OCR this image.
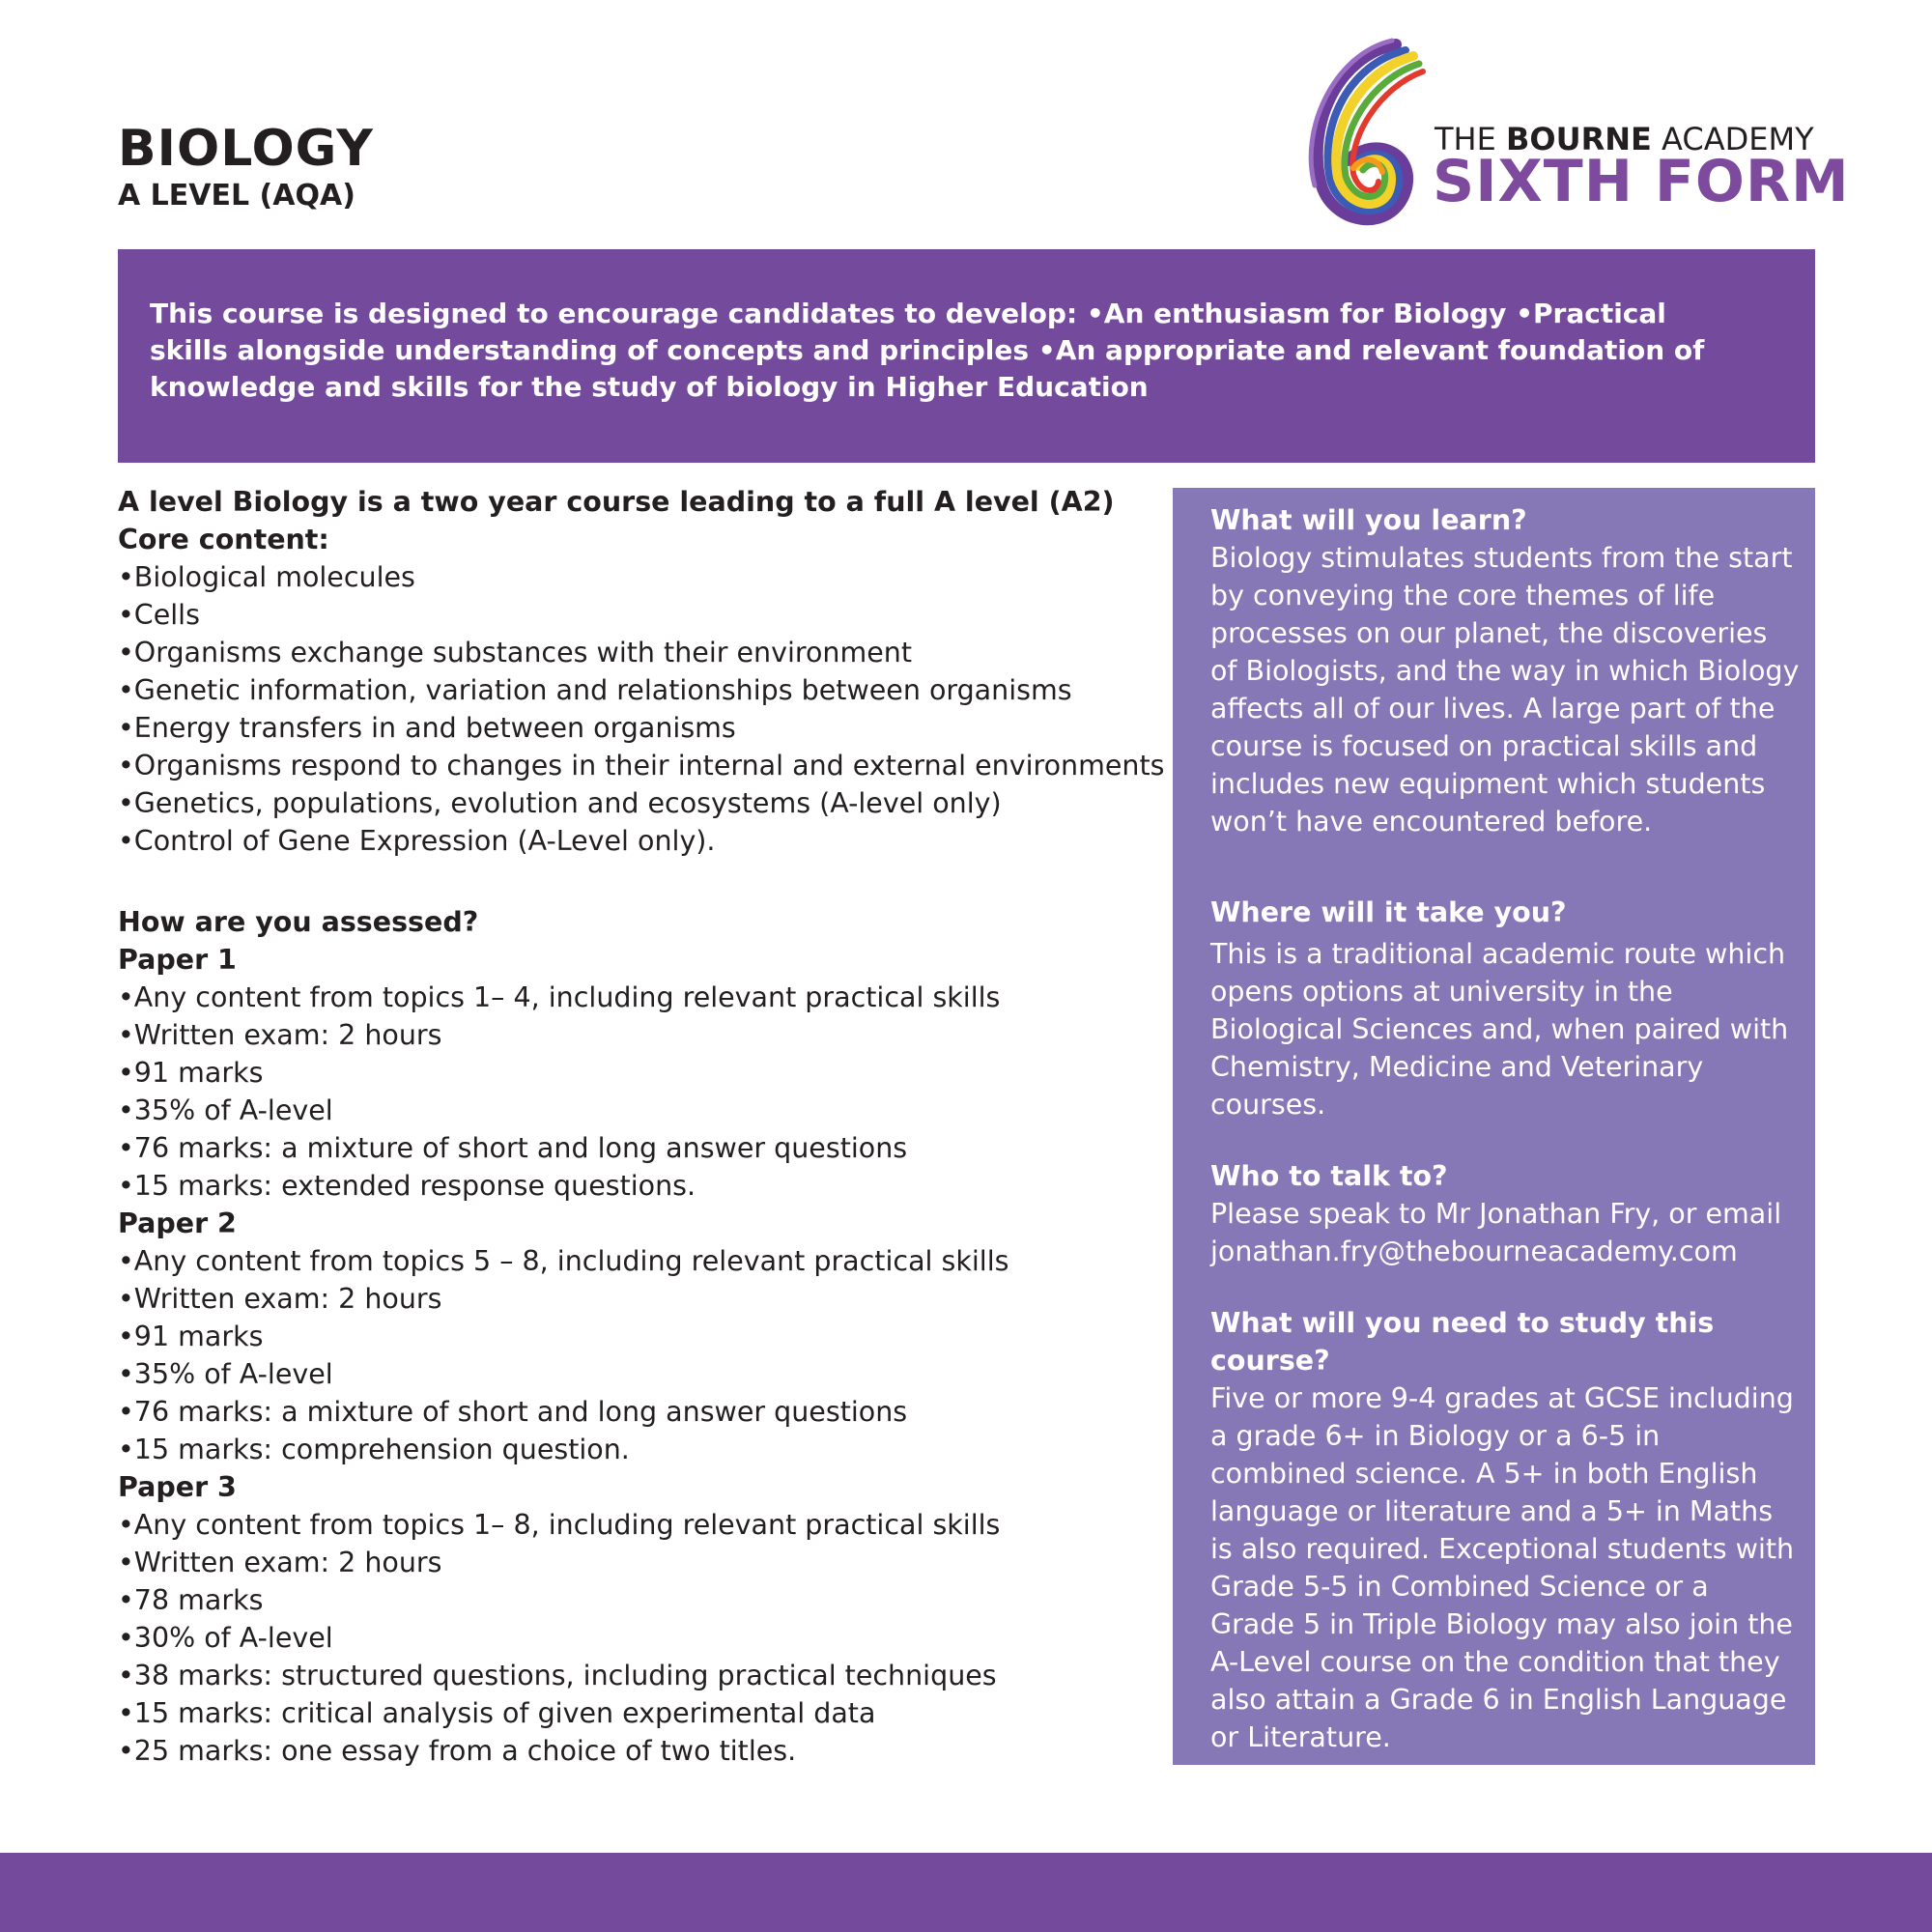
BIOLOGY
A LEVEL (AQA)
THE BOURNE ACADEMY
SIXTH FORM

This course is designed to encourage candidates to develop: •An enthusiasm for Biology •Practical skills alongside understanding of concepts and principles •An appropriate and relevant foundation of knowledge and skills for the study of biology in Higher Education

A level Biology is a two year course leading to a full A level (A2)

Core content:

•Biological molecules
•Cells
•Organisms exchange substances with their environment
•Genetic information, variation and relationships between organisms
•Energy transfers in and between organisms
•Organisms respond to changes in their internal and external environments
•Genetics, populations, evolution and ecosystems (A-level only)
•Control of Gene Expression (A-Level only).

How are you assessed?

Paper 1

•Any content from topics 1– 4, including relevant practical skills
•Written exam: 2 hours
•91 marks
•35% of A-level
•76 marks: a mixture of short and long answer questions
•15 marks: extended response questions.

Paper 2

•Any content from topics 5 – 8, including relevant practical skills
•Written exam: 2 hours
•91 marks
•35% of A-level
•76 marks: a mixture of short and long answer questions
•15 marks: comprehension question.

Paper 3

•Any content from topics 1– 8, including relevant practical skills
•Written exam: 2 hours
•78 marks
•30% of A-level
•38 marks: structured questions, including practical techniques
•15 marks: critical analysis of given experimental data
•25 marks: one essay from a choice of two titles.
What will you learn?

Biology stimulates students from the start by conveying the core themes of life processes on our planet, the discoveries of Biologists, and the way in which Biology affects all of our lives. A large part of the course is focused on practical skills and includes new equipment which students won’t have encountered before.

Where will it take you?

This is a traditional academic route which opens options at university in the Biological Sciences and, when paired with Chemistry, Medicine and Veterinary courses.

Who to talk to?

Please speak to Mr Jonathan Fry, or email

jonathan.fry@thebourneacademy.com

What will you need to study this course?

Five or more 9-4 grades at GCSE including a grade 6+ in Biology or a 6-5 in combined science. A 5+ in both English language or literature and a 5+ in Maths is also required. Exceptional students with Grade 5-5 in Combined Science or a Grade 5 in Triple Biology may also join the A-Level course on the condition that they also attain a Grade 6 in English Language or Literature.
